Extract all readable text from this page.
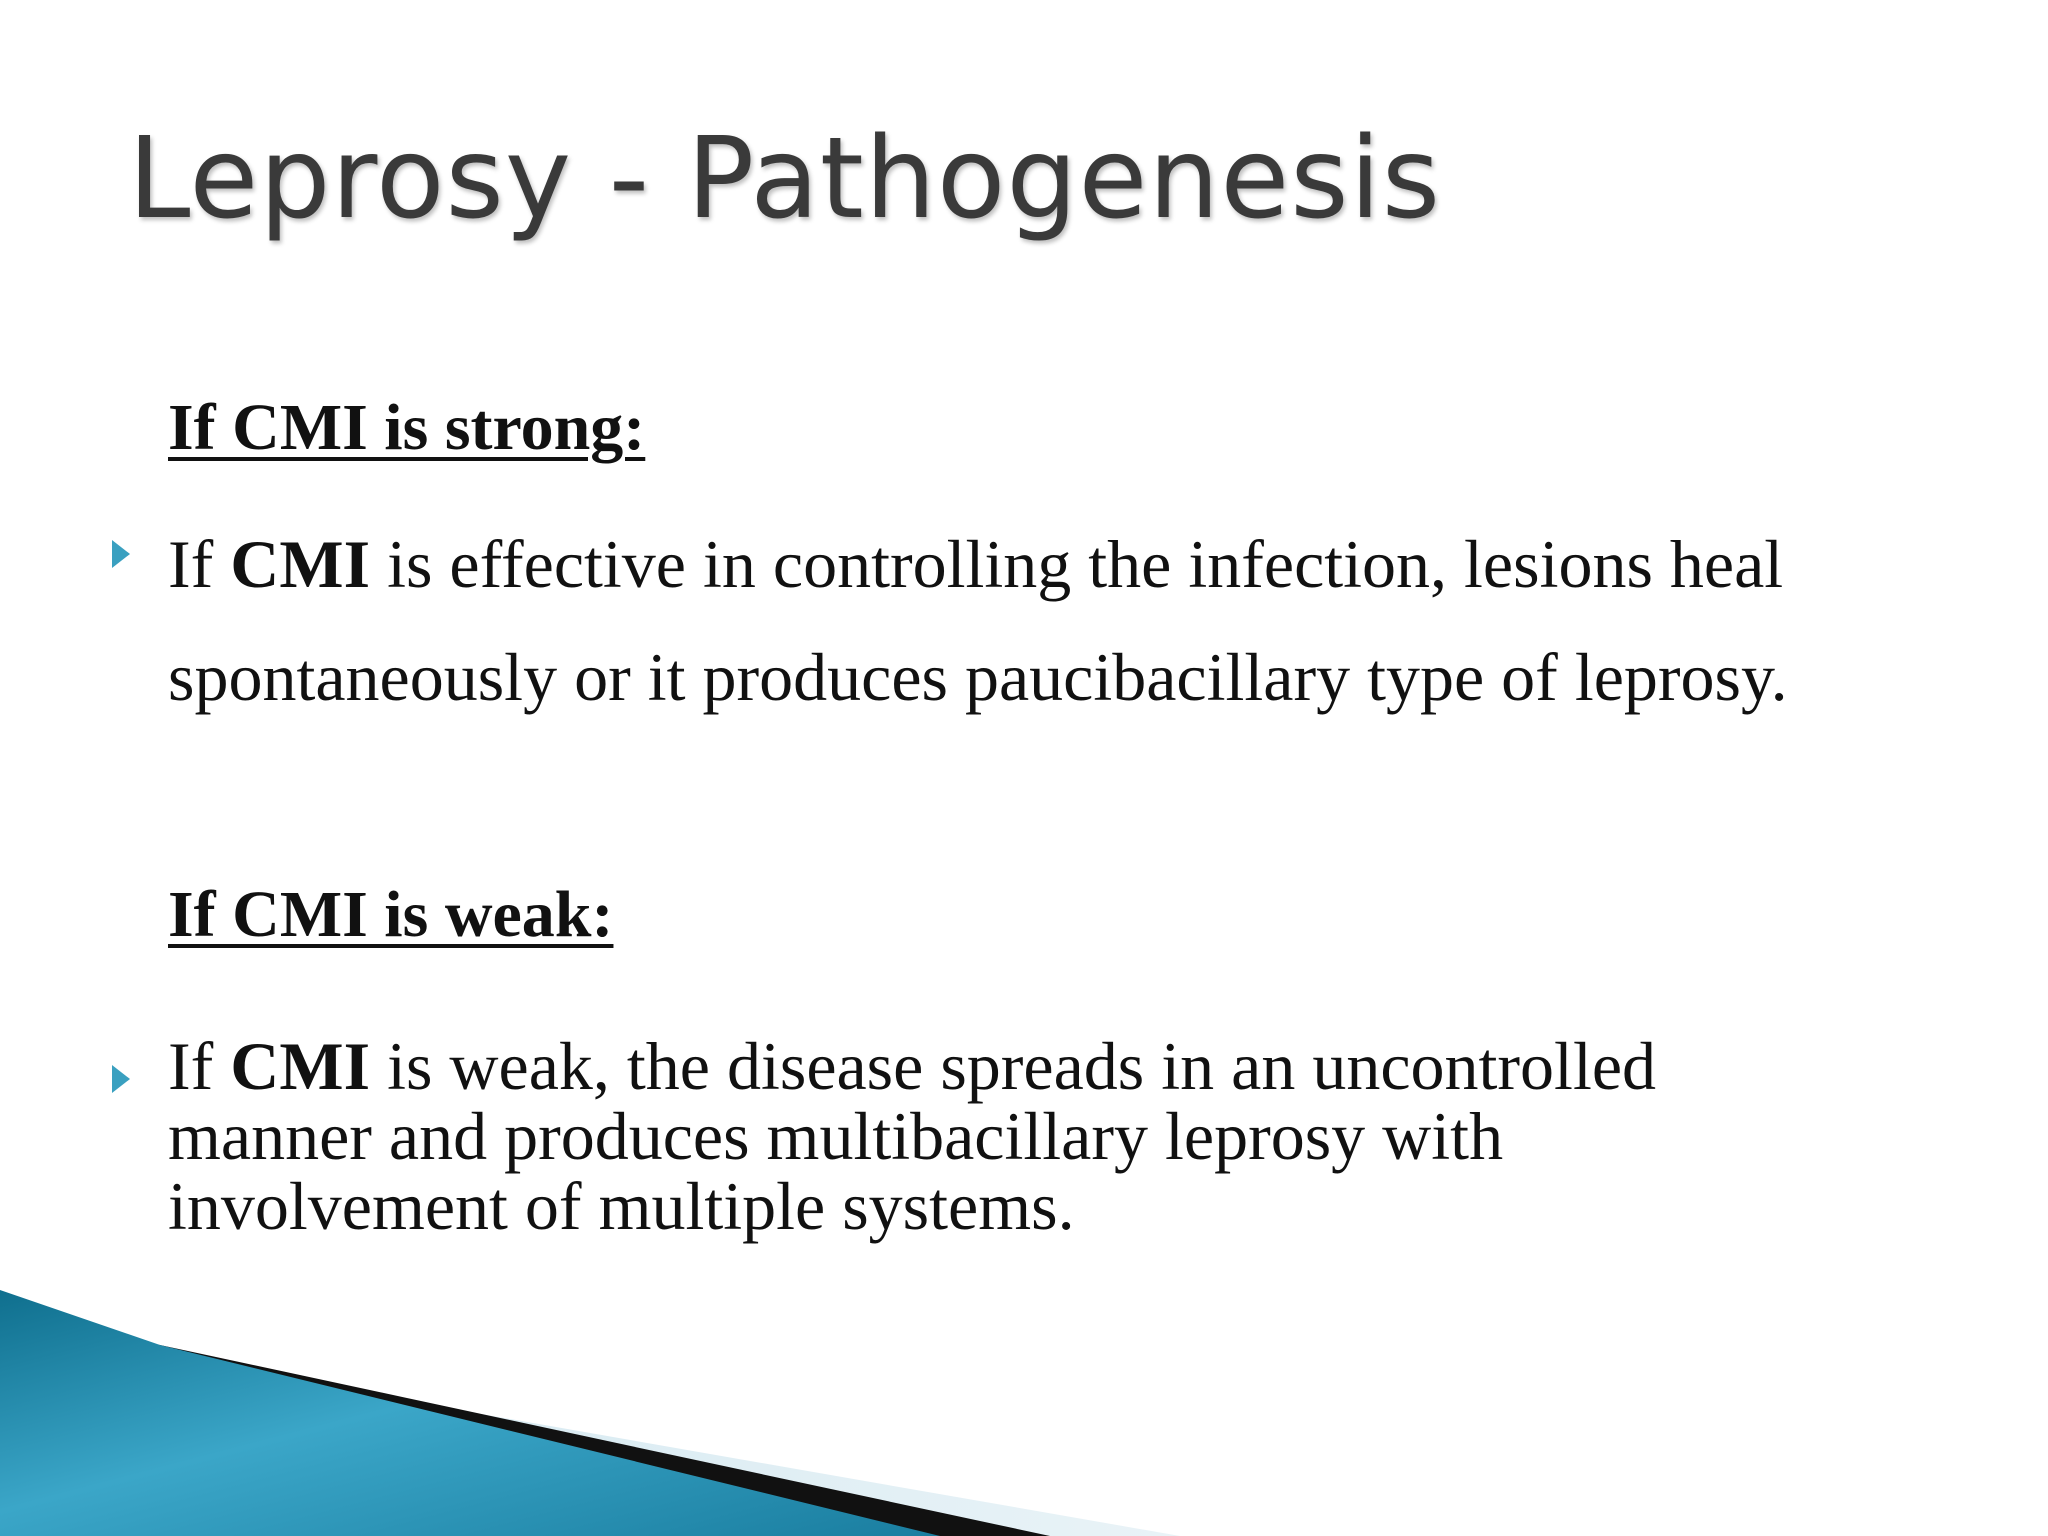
Leprosy - Pathogenesis
If CMI is strong:

If CMI is effective in controlling the infection, lesions heal spontaneously or it produces paucibacillary type of leprosy.

If CMI is weak:

If CMI is weak, the disease spreads in an uncontrolled manner and produces multibacillary leprosy with involvement of multiple systems.
